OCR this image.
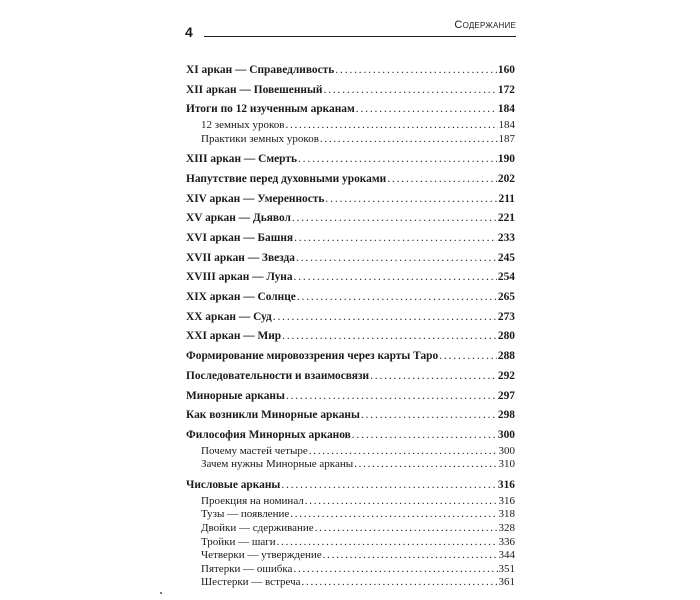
4	Содержание
XI аркан — Справедливость . . .	160
XII аркан — Повешенный . . .	172
Итоги по 12 изученным арканам . . .	184
12 земных уроков . . .	184
Практики земных уроков . . .	187
XIII аркан — Смерть . . .	190
Напутствие перед духовными уроками . . .	202
XIV аркан — Умеренность . . .	211
XV аркан — Дьявол . . .	221
XVI аркан — Башня . . .	233
XVII аркан — Звезда . . .	245
XVIII аркан — Луна . . .	254
XIX аркан — Солнце . . .	265
XX аркан — Суд . . .	273
XXI аркан — Мир . . .	280
Формирование мировоззрения через карты Таро . . .	288
Последовательности и взаимосвязи . . .	292
Минорные арканы . . .	297
Как возникли Минорные арканы . . .	298
Философия Минорных арканов . . .	300
Почему мастей четыре . . .	300
Зачем нужны Минорные арканы . . .	310
Числовые арканы . . .	316
Проекция на номинал . . .	316
Тузы — появление . . .	318
Двойки — сдерживание . . .	328
Тройки — шаги . . .	336
Четверки — утверждение . . .	344
Пятерки — ошибка . . .	351
Шестерки — встреча . . .	361
